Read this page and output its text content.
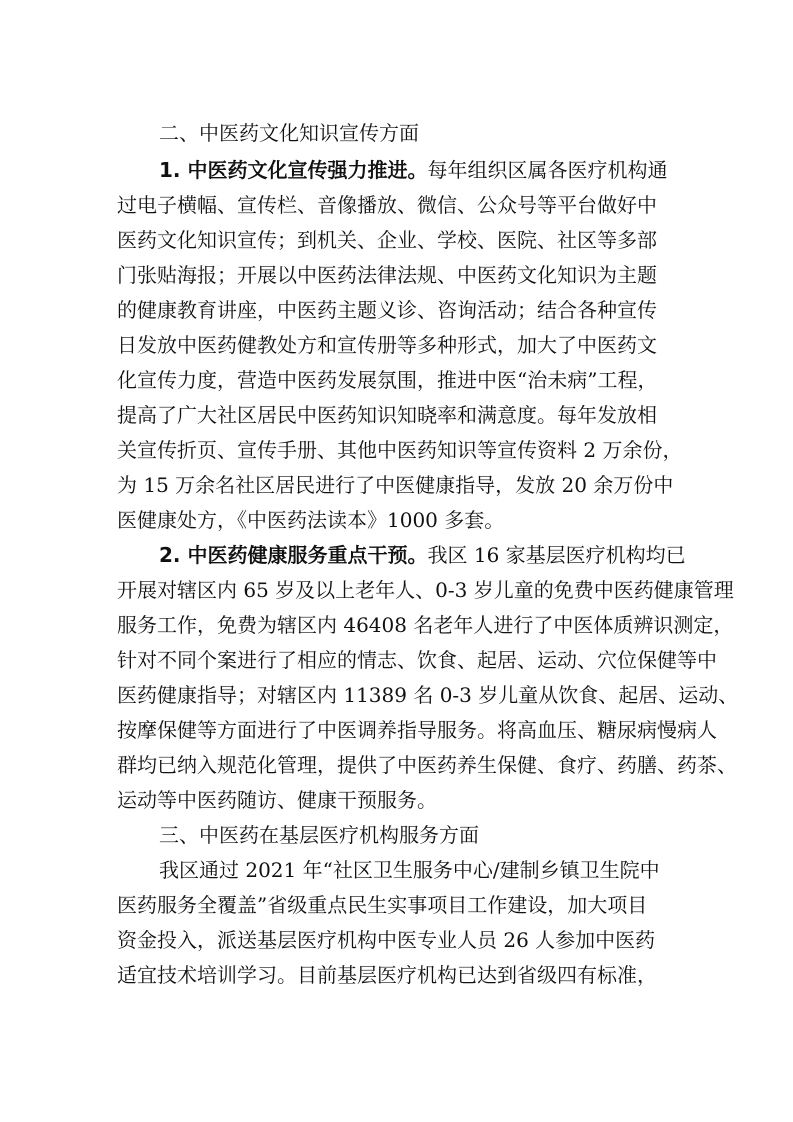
二、中医药文化知识宣传方面
1. 中医药文化宣传强力推进。每年组织区属各医疗机构通
过电子横幅、宣传栏、音像播放、微信、公众号等平台做好中
医药文化知识宣传；到机关、企业、学校、医院、社区等多部
门张贴海报；开展以中医药法律法规、中医药文化知识为主题
的健康教育讲座，中医药主题义诊、咨询活动；结合各种宣传
日发放中医药健教处方和宣传册等多种形式，加大了中医药文
化宣传力度，营造中医药发展氛围，推进中医“治未病”工程，
提高了广大社区居民中医药知识知晓率和满意度。每年发放相
关宣传折页、宣传手册、其他中医药知识等宣传资料 2 万余份，
为 15 万余名社区居民进行了中医健康指导，发放 20 余万份中
医健康处方，《中医药法读本》1000 多套。
2. 中医药健康服务重点干预。我区 16 家基层医疗机构均已
开展对辖区内 65 岁及以上老年人、0-3 岁儿童的免费中医药健康管理
服务工作，免费为辖区内 46408 名老年人进行了中医体质辨识测定，
针对不同个案进行了相应的情志、饮食、起居、运动、穴位保健等中
医药健康指导；对辖区内 11389 名 0-3 岁儿童从饮食、起居、运动、
按摩保健等方面进行了中医调养指导服务。将高血压、糖尿病慢病人
群均已纳入规范化管理，提供了中医药养生保健、食疗、药膳、药茶、
运动等中医药随访、健康干预服务。
三、中医药在基层医疗机构服务方面
我区通过 2021 年“社区卫生服务中心/建制乡镇卫生院中
医药服务全覆盖”省级重点民生实事项目工作建设，加大项目
资金投入，派送基层医疗机构中医专业人员 26 人参加中医药
适宜技术培训学习。目前基层医疗机构已达到省级四有标准，
